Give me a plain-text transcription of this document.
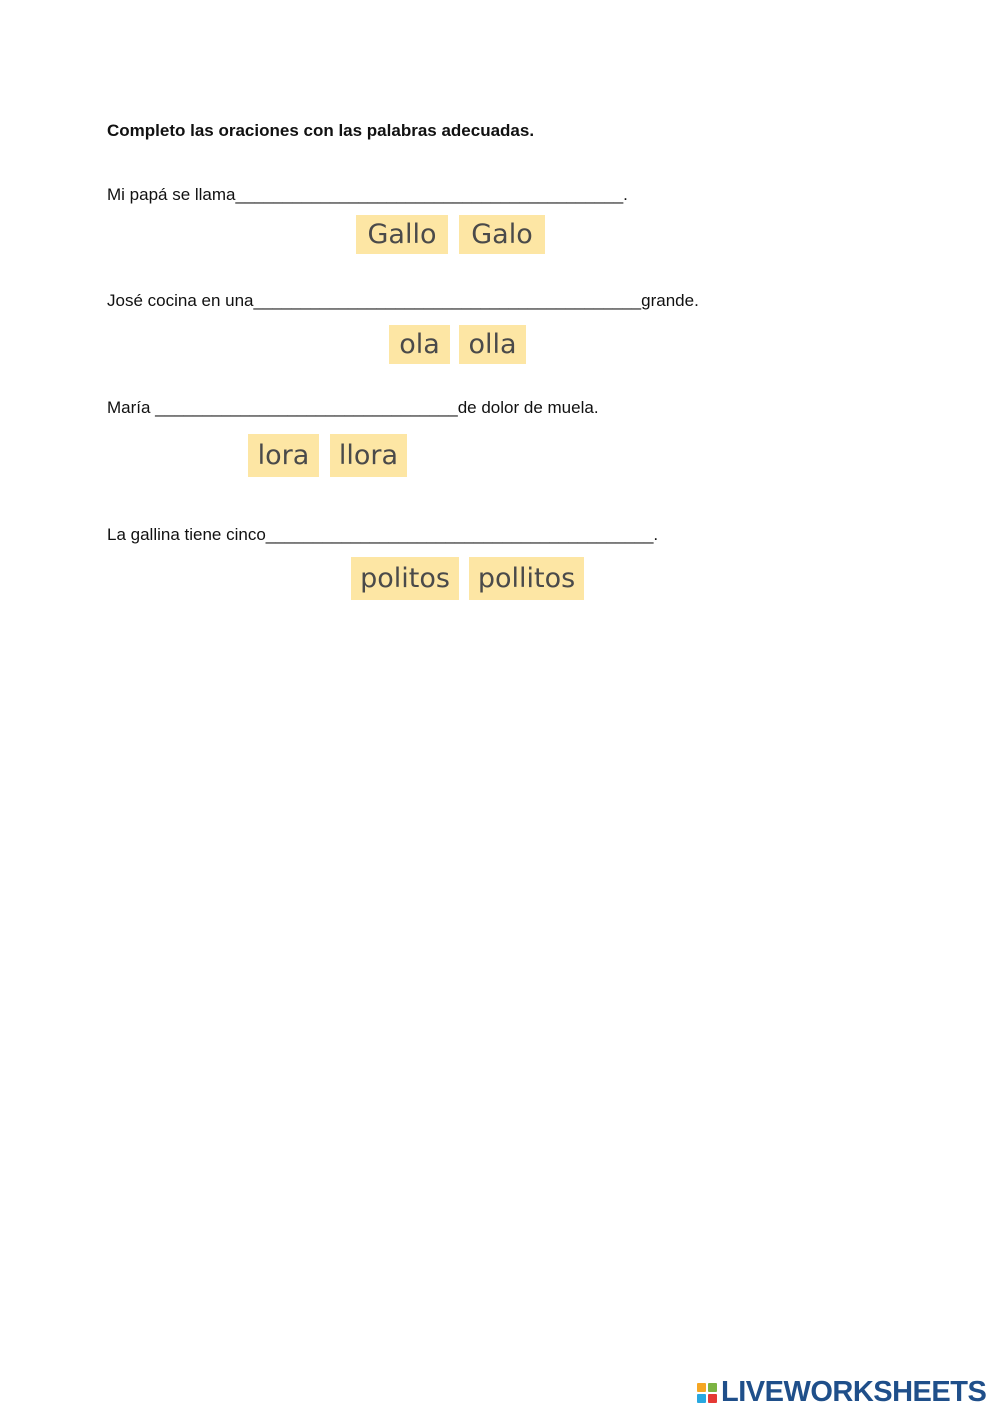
Completo las oraciones con las palabras adecuadas.
Mi papá se llama_________________________________________.
Gallo	Galo
José cocina en una_________________________________________grande.
ola	olla
María ________________________________de dolor de muela.
lora	llora
La gallina tiene cinco_________________________________________.
politos	pollitos
LIVEWORKSHEETS
